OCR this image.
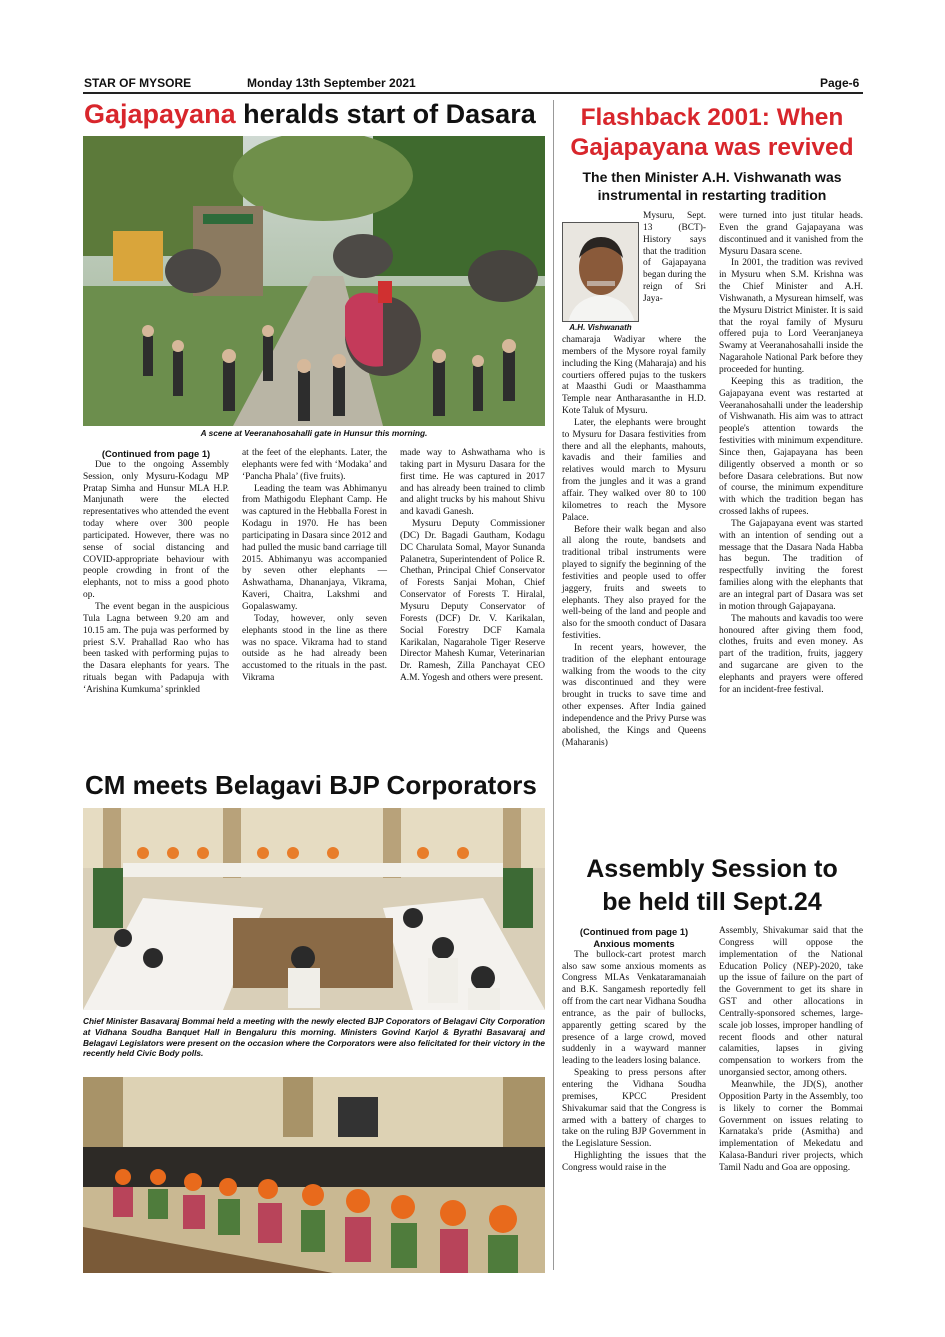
STAR OF MYSORE	Monday 13th September 2021	Page-6
Gajapayana heralds start of Dasara
A scene at Veeranahosahalli gate in Hunsur this morning.

(Continued from page 1)

Due to the ongoing Assembly Session, only Mysuru-Kodagu MP Pratap Simha and Hunsur MLA H.P. Manjunath were the elected representatives who attended the event today where over 300 people participated. However, there was no sense of social distancing and COVID-appropriate behaviour with people crowding in front of the elephants, not to miss a good photo op.

The event began in the auspicious Tula Lagna between 9.20 am and 10.15 am. The puja was performed by priest S.V. Prahallad Rao who has been tasked with performing pujas to the Dasara elephants for years. The rituals began with Padapuja with ‘Arishina Kumkuma’ sprinkled

at the feet of the elephants. Later, the elephants were fed with ‘Modaka’ and ‘Pancha Phala’ (five fruits).

Leading the team was Abhimanyu from Mathigodu Elephant Camp. He was captured in the Hebballa Forest in Kodagu in 1970. He has been participating in Dasara since 2012 and had pulled the music band carriage till 2015. Abhimanyu was accompanied by seven other elephants — Ashwathama, Dhananjaya, Vikrama, Kaveri, Chaitra, Lakshmi and Gopalaswamy.

Today, however, only seven elephants stood in the line as there was no space. Vikrama had to stand outside as he had already been accustomed to the rituals in the past. Vikrama

made way to Ashwathama who is taking part in Mysuru Dasara for the first time. He was captured in 2017 and has already been trained to climb and alight trucks by his mahout Shivu and kavadi Ganesh.

Mysuru Deputy Commissioner (DC) Dr. Bagadi Gautham, Kodagu DC Charulata Somal, Mayor Sunanda Palanetra, Superintendent of Police R. Chethan, Principal Chief Conservator of Forests Sanjai Mohan, Chief Conservator of Forests T. Hiralal, Mysuru Deputy Conservator of Forests (DCF) Dr. V. Karikalan, Social Forestry DCF Kamala Karikalan, Nagarahole Tiger Reserve Director Mahesh Kumar, Veterinarian Dr. Ramesh, Zilla Panchayat CEO A.M. Yogesh and others were present.

CM meets Belagavi BJP Corporators
Chief Minister Basavaraj Bommai held a meeting with the newly elected BJP Coporators of Belagavi City Corporation at Vidhana Soudha Banquet Hall in Bengaluru this morning. Ministers Govind Karjol & Byrathi Basavaraj and Belagavi Legislators were present on the occasion where the Corporators were also felicitated for their victory in the recently held Civic Body polls.
Flashback 2001: When
Gajapayana was revived
The then Minister A.H. Vishwanath was instrumental in restarting tradition
A.H. Vishwanath

Mysuru, Sept. 13 (BCT)- History says that the tradition of Gajapayana began during the reign of Sri Jaya-

chamaraja Wadiyar where the members of the Mysore royal family including the King (Maharaja) and his courtiers offered pujas to the tuskers at Maasthi Gudi or Maasthamma Temple near Antharasanthe in H.D. Kote Taluk of Mysuru.

Later, the elephants were brought to Mysuru for Dasara festivities from there and all the elephants, mahouts, kavadis and their families and relatives would march to Mysuru from the jungles and it was a grand affair. They walked over 80 to 100 kilometres to reach the Mysore Palace.

Before their walk began and also all along the route, bandsets and traditional tribal instruments were played to signify the beginning of the festivities and people used to offer jaggery, fruits and sweets to elephants. They also prayed for the well-being of the land and people and also for the smooth conduct of Dasara festivities.

In recent years, however, the tradition of the elephant entourage walking from the woods to the city was discontinued and they were brought in trucks to save time and other expenses. After India gained independence and the Privy Purse was abolished, the Kings and Queens (Maharanis)

were turned into just titular heads. Even the grand Gajapayana was discontinued and it vanished from the Mysuru Dasara scene.

In 2001, the tradition was revived in Mysuru when S.M. Krishna was the Chief Minister and A.H. Vishwanath, a Mysurean himself, was the Mysuru District Minister. It is said that the royal family of Mysuru offered puja to Lord Veeranjaneya Swamy at Veeranahosahalli inside the Nagarahole National Park before they proceeded for hunting.

Keeping this as tradition, the Gajapayana event was restarted at Veeranahosahalli under the leadership of Vishwanath. His aim was to attract people's attention towards the festivities with minimum expenditure. Since then, Gajapayana has been diligently observed a month or so before Dasara celebrations. But now of course, the minimum expenditure with which the tradition began has crossed lakhs of rupees.

The Gajapayana event was started with an intention of sending out a message that the Dasara Nada Habba has begun. The tradition of respectfully inviting the forest families along with the elephants that are an integral part of Dasara was set in motion through Gajapayana.

The mahouts and kavadis too were honoured after giving them food, clothes, fruits and even money. As part of the tradition, fruits, jaggery and sugarcane are given to the elephants and prayers were offered for an incident-free festival.

Assembly Session to
be held till Sept.24

(Continued from page 1)

Anxious moments

The bullock-cart protest march also saw some anxious moments as Congress MLAs Venkataramanaiah and B.K. Sangamesh reportedly fell off from the cart near Vidhana Soudha entrance, as the pair of bullocks, apparently getting scared by the presence of a large crowd, moved suddenly in a wayward manner leading to the leaders losing balance.

Speaking to press persons after entering the Vidhana Soudha premises, KPCC President Shivakumar said that the Congress is armed with a battery of charges to take on the ruling BJP Government in the Legislature Session.

Highlighting the issues that the Congress would raise in the

Assembly, Shivakumar said that the Congress will oppose the implementation of the National Education Policy (NEP)-2020, take up the issue of failure on the part of the Government to get its share in GST and other allocations in Centrally-sponsored schemes, large-scale job losses, improper handling of recent floods and other natural calamities, lapses in giving compensation to workers from the unorgansied sector, among others.

Meanwhile, the JD(S), another Opposition Party in the Assembly, too is likely to corner the Bommai Government on issues relating to Karnataka's pride (Asmitha) and implementation of Mekedatu and Kalasa-Banduri river projects, which Tamil Nadu and Goa are opposing.
